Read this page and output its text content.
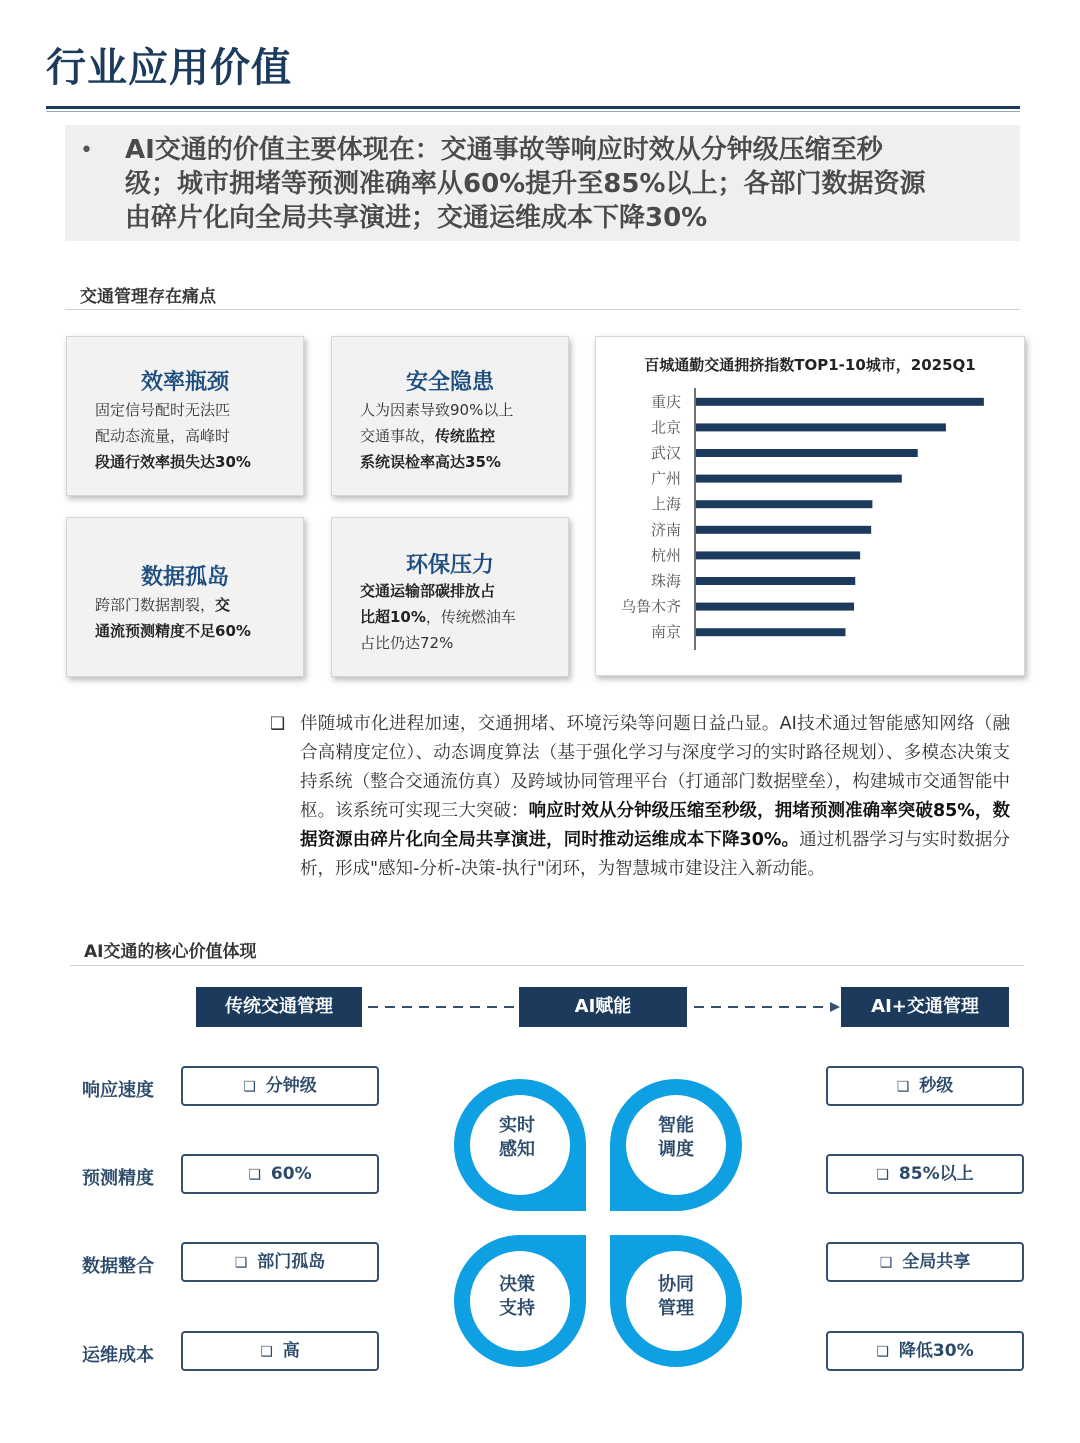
行业应用价值
• AI交通的价值主要体现在：交通事故等响应时效从分钟级压缩至秒
级；城市拥堵等预测准确率从60%提升至85%以上；各部门数据资源
由碎片化向全局共享演进；交通运维成本下降30%
交通管理存在痛点
效率瓶颈
固定信号配时无法匹
配动态流量，高峰时
段通行效率损失达30%
安全隐患
人为因素导致90%以上
交通事故，传统监控
系统误检率高达35%
数据孤岛
跨部门数据割裂，交
通流预测精度不足60%
环保压力
交通运输部碳排放占
比超10%，传统燃油车
占比仍达72%
百城通勤交通拥挤指数TOP1-10城市，2025Q1
重庆
北京
武汉
广州
上海
济南
杭州
珠海
乌鲁木齐
南京
❑ 伴随城市化进程加速，交通拥堵、环境污染等问题日益凸显。AI技术通过智能感知网络（融合高精度定位）、动态调度算法（基于强化学习与深度学习的实时路径规划）、多模态决策支持系统（整合交通流仿真）及跨域协同管理平台（打通部门数据壁垒），构建城市交通智能中枢。该系统可实现三大突破：响应时效从分钟级压缩至秒级，拥堵预测准确率突破85%，数据资源由碎片化向全局共享演进，同时推动运维成本下降30%。通过机器学习与实时数据分析，形成"感知-分析-决策-执行"闭环，为智慧城市建设注入新动能。
AI交通的核心价值体现
传统交通管理	AI赋能	AI+交通管理
响应速度
预测精度
数据整合
运维成本
❑ 分钟级
❑ 60%
❑ 部门孤岛
❑ 高
❑ 秒级
❑ 85%以上
❑ 全局共享
❑ 降低30%
实时
感知
智能
调度
决策
支持
协同
管理
